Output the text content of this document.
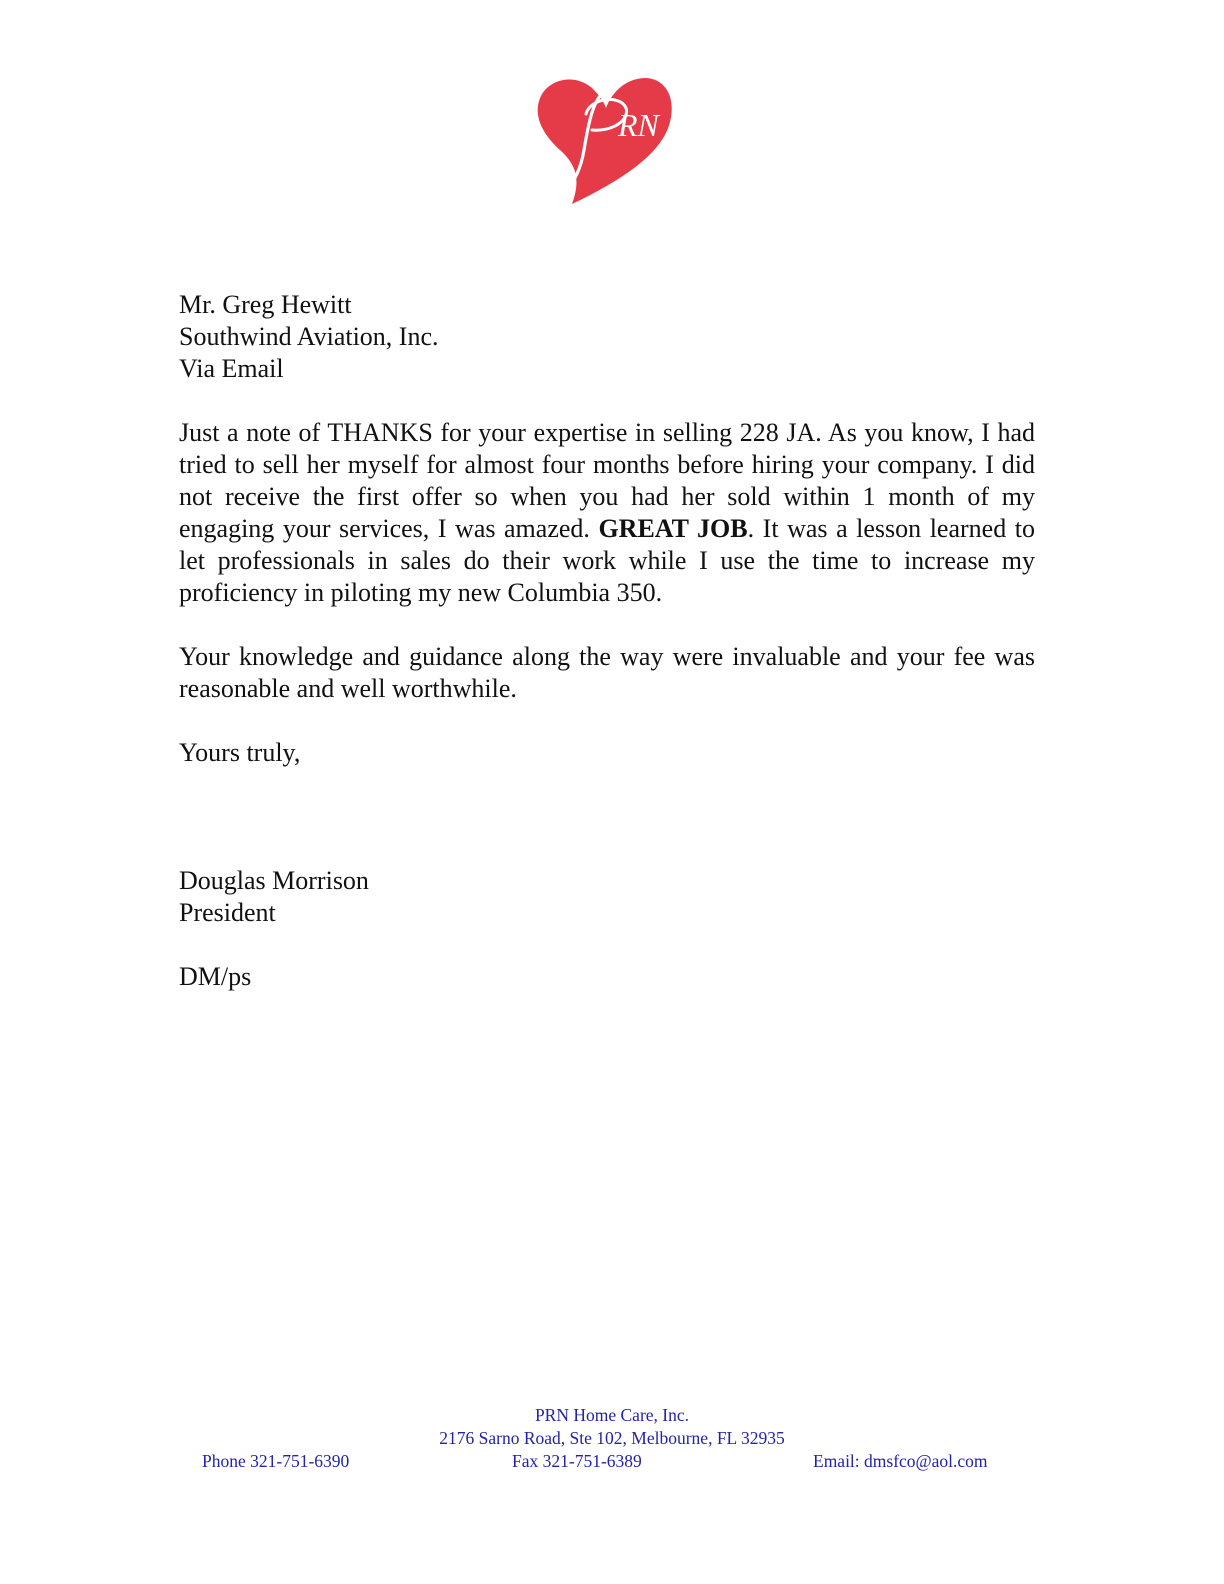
RN
Mr. Greg Hewitt
Southwind Aviation, Inc.
Via Email

Just a note of THANKS for your expertise in selling 228 JA. As you know, I had tried to sell her myself for almost four months before hiring your company. I did not receive the first offer so when you had her sold within 1 month of my engaging your services, I was amazed. GREAT JOB. It was a lesson learned to let professionals in sales do their work while I use the time to increase my proficiency in piloting my new Columbia 350.

Your knowledge and guidance along the way were invaluable and your fee was reasonable and well worthwhile.

Yours truly,
Douglas Morrison
President
DM/ps
PRN Home Care, Inc.
2176 Sarno Road, Ste 102, Melbourne, FL 32935
Phone 321-751-6390	Fax 321-751-6389	Email: dmsfco@aol.com
